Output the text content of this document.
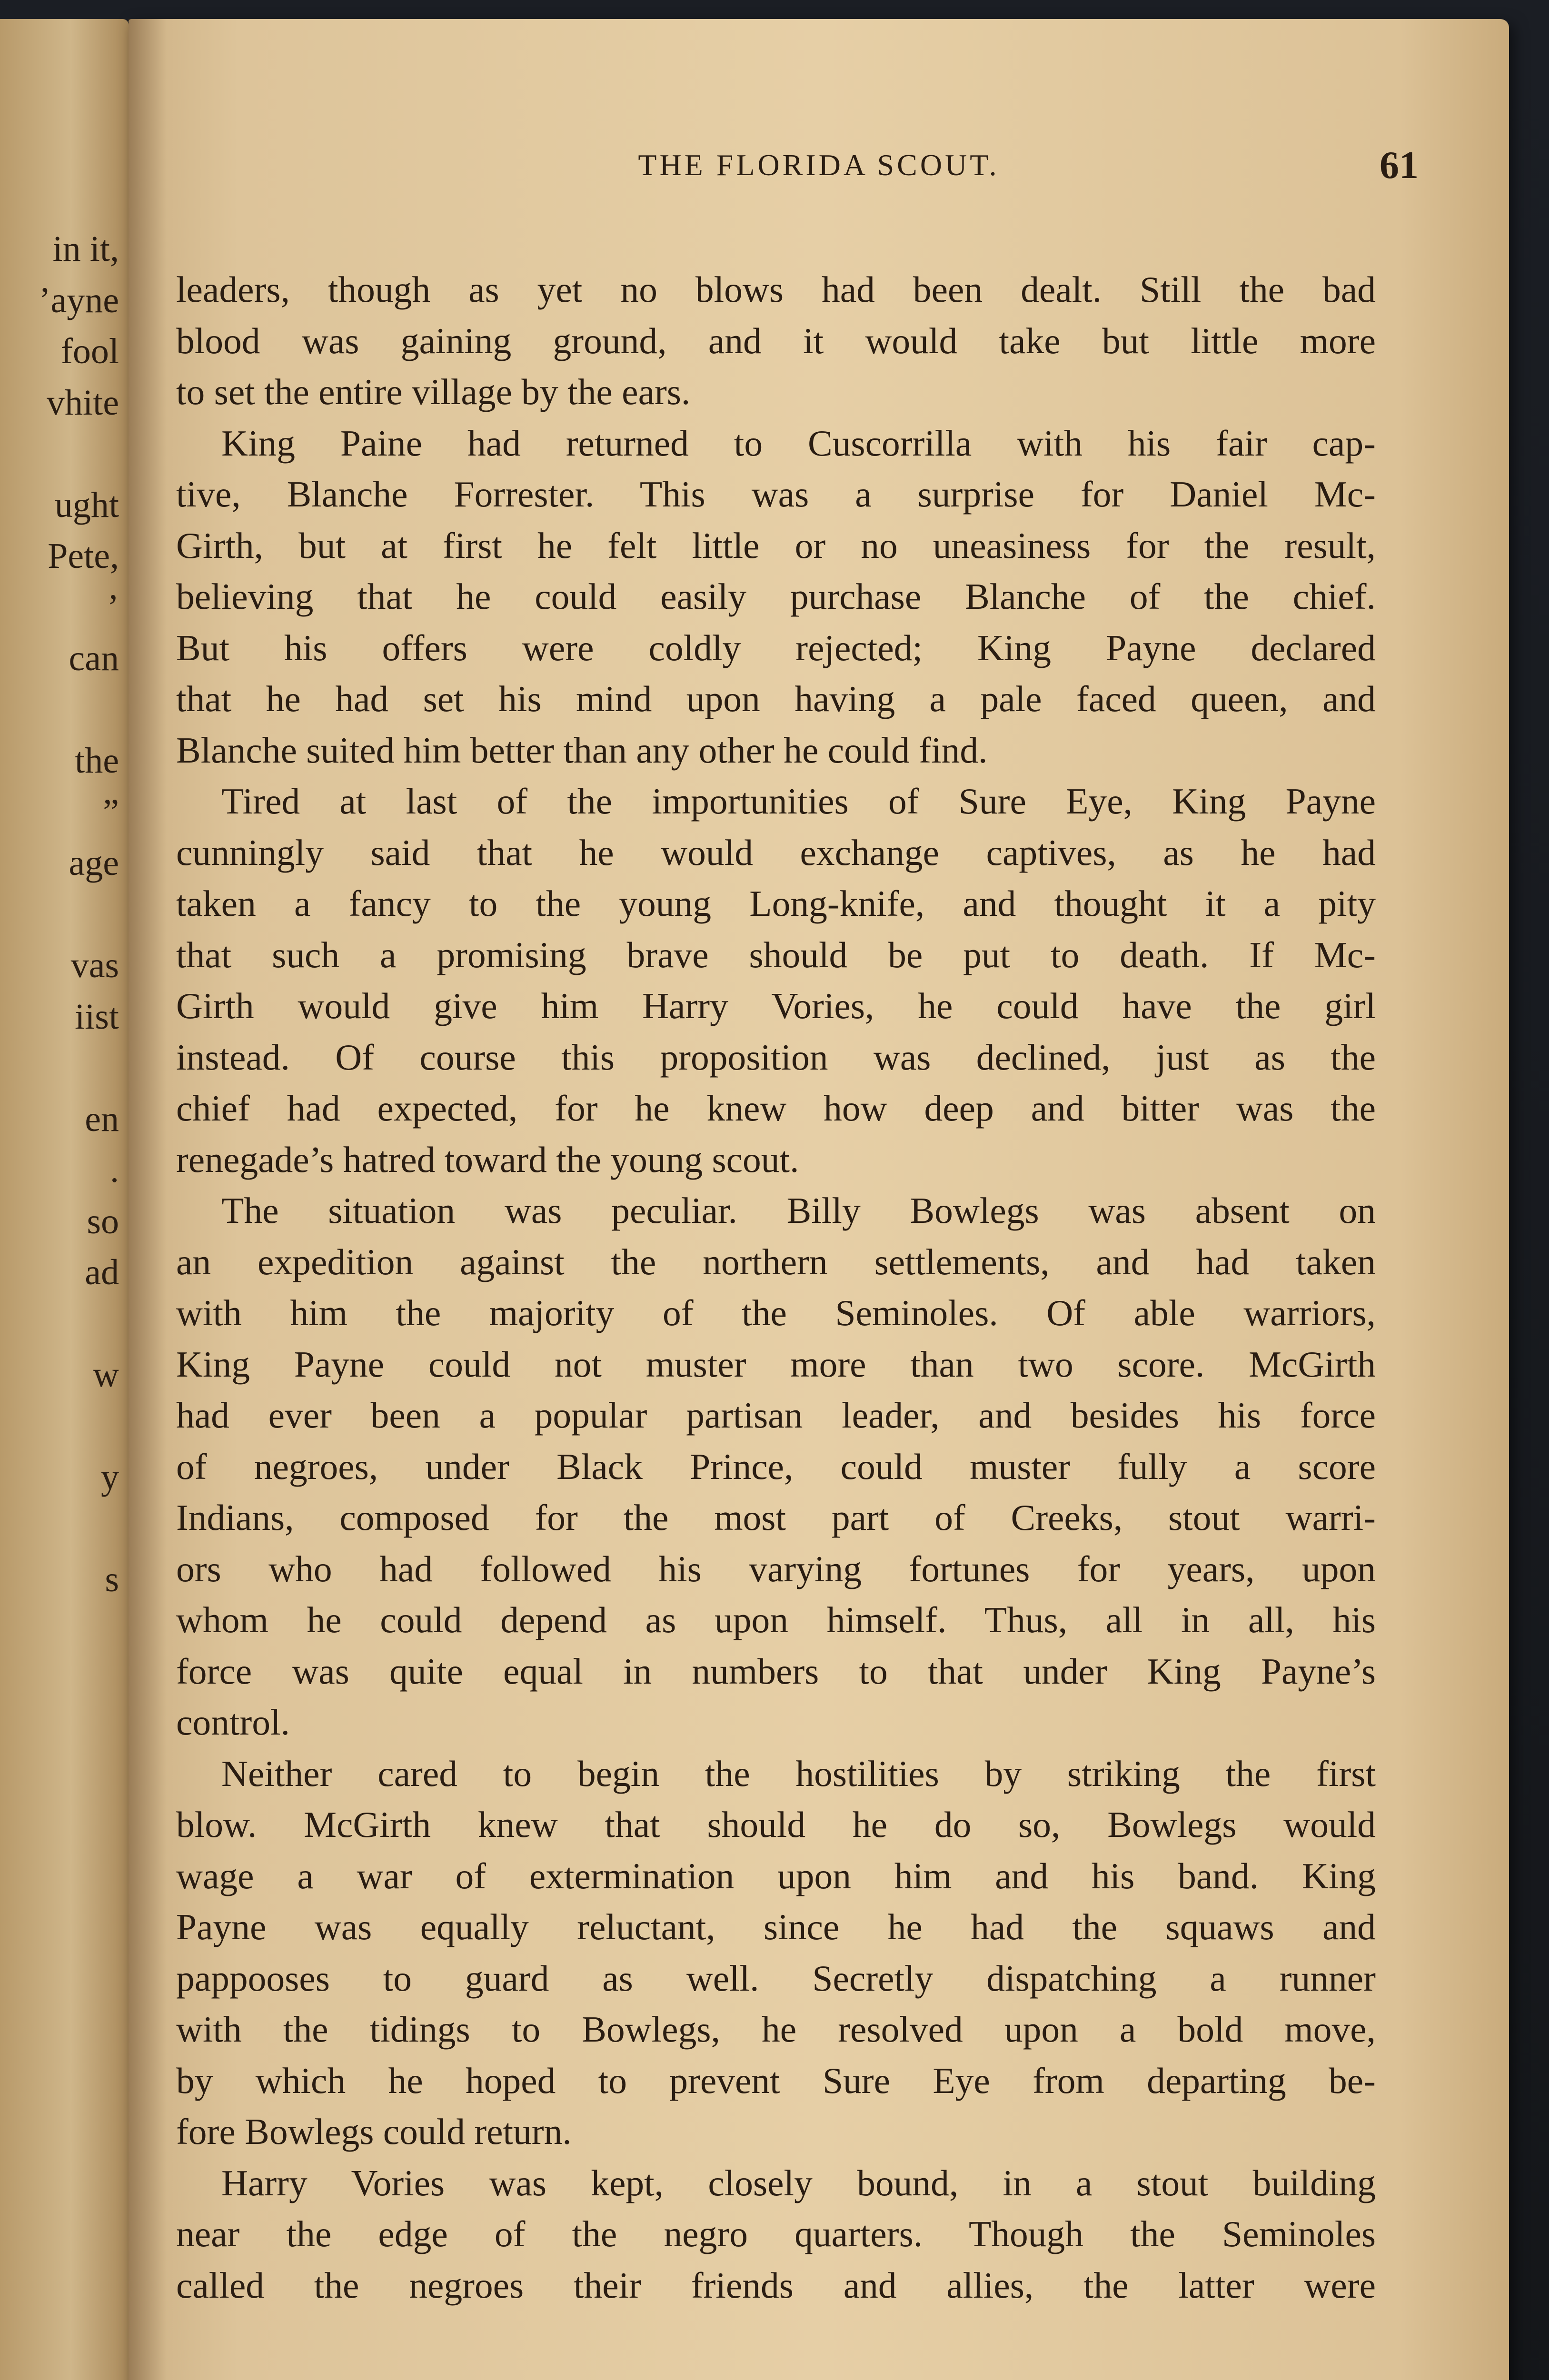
in it,
’ayne
fool
vhite
ught
Pete,
’
can
the
”
age
vas
iist
en
.
so
ad
w
y
s
THE FLORIDA SCOUT.	61
leaders, though as yet no blows had been dealt. Still the bad
blood was gaining ground, and it would take but little more
to set the entire village by the ears.
King Paine had returned to Cuscorrilla with his fair cap-
tive, Blanche Forrester. This was a surprise for Daniel Mc-
Girth, but at first he felt little or no uneasiness for the result,
believing that he could easily purchase Blanche of the chief.
But his offers were coldly rejected; King Payne declared
that he had set his mind upon having a pale faced queen, and
Blanche suited him better than any other he could find.
Tired at last of the importunities of Sure Eye, King Payne
cunningly said that he would exchange captives, as he had
taken a fancy to the young Long-knife, and thought it a pity
that such a promising brave should be put to death. If Mc-
Girth would give him Harry Vories, he could have the girl
instead. Of course this proposition was declined, just as the
chief had expected, for he knew how deep and bitter was the
renegade’s hatred toward the young scout.
The situation was peculiar. Billy Bowlegs was absent on
an expedition against the northern settlements, and had taken
with him the majority of the Seminoles. Of able warriors,
King Payne could not muster more than two score. McGirth
had ever been a popular partisan leader, and besides his force
of negroes, under Black Prince, could muster fully a score
Indians, composed for the most part of Creeks, stout warri-
ors who had followed his varying fortunes for years, upon
whom he could depend as upon himself. Thus, all in all, his
force was quite equal in numbers to that under King Payne’s
control.
Neither cared to begin the hostilities by striking the first
blow. McGirth knew that should he do so, Bowlegs would
wage a war of extermination upon him and his band. King
Payne was equally reluctant, since he had the squaws and
pappooses to guard as well. Secretly dispatching a runner
with the tidings to Bowlegs, he resolved upon a bold move,
by which he hoped to prevent Sure Eye from departing be-
fore Bowlegs could return.
Harry Vories was kept, closely bound, in a stout building
near the edge of the negro quarters. Though the Seminoles
called the negroes their friends and allies, the latter were
